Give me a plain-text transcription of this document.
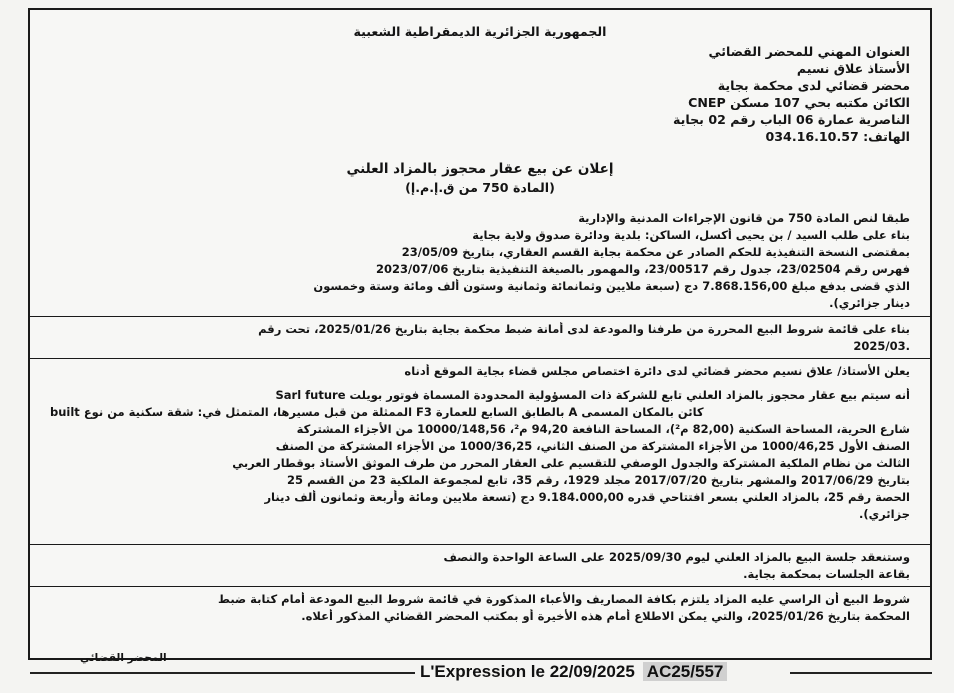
الجمهورية الجزائرية الديمقراطية الشعبية
العنوان المهني للمحضر القضائي
الأستاذ علاق نسيم
محضر قضائي لدى محكمة بجاية
الكائن مكتبه بحي 107 مسكن CNEP
الناصرية عمارة 06 الباب رقم 02 بجاية
الهاتف: 034.16.10.57
إعلان عن بيع عقار محجوز بالمزاد العلني
(المادة 750 من ق.إ.م.إ)
طبقا لنص المادة 750 من قانون الإجراءات المدنية والإدارية
بناء على طلب السيد / بن يحيى أكسل، الساكن: بلدية ودائرة صدوق ولاية بجاية
بمقتضى النسخة التنفيذية للحكم الصادر عن محكمة بجاية القسم العقاري، بتاريخ 23/05/09
فهرس رقم 23/02504، جدول رقم 23/00517، والمهمور بالصيغة التنفيذية بتاريخ 2023/07/06
الذي قضى بدفع مبلغ 7.868.156,00 دج (سبعة ملايين وثمانمائة وثمانية وستون ألف ومائة وستة وخمسون
دينار جزائري).
بناء على قائمة شروط البيع المحررة من طرفنا والمودعة لدى أمانة ضبط محكمة بجاية بتاريخ 2025/01/26، تحت رقم
2025/03.
يعلن الأستاذ/ علاق نسيم محضر قضائي لدى دائرة اختصاص مجلس قضاء بجاية الموقع أدناه
أنه سيتم بيع عقار محجوز بالمزاد العلني تابع للشركة ذات المسؤولية المحدودة المسماة فوتور بويلت Sarl future
built الممثلة من قبل مسيرها، المتمثل في: شقة سكنية من نوع F3 بالطابق السابع للعمارة A كائن بالمكان المسمى
شارع الحرية، المساحة السكنية (82,00 م²)، المساحة النافعة 94,20 م²، 10000/148,56 من الأجزاء المشتركة
الصنف الأول 1000/46,25 من الأجزاء المشتركة من الصنف الثاني، 1000/36,25 من الأجزاء المشتركة من الصنف
الثالث من نظام الملكية المشتركة والجدول الوصفي للتقسيم على العقار المحرر من طرف الموثق الأستاذ بوقطار العربي
بتاريخ 2017/06/29 والمشهر بتاريخ 2017/07/20 مجلد 1929، رقم 35، تابع لمجموعة الملكية 23 من القسم 25
الحصة رقم 25، بالمزاد العلني بسعر افتتاحي قدره 9.184.000,00 دج (تسعة ملايين ومائة وأربعة وثمانون ألف دينار
جزائري).
وستنعقد جلسة البيع بالمزاد العلني ليوم 2025/09/30 على الساعة الواحدة والنصف
بقاعة الجلسات بمحكمة بجاية.
شروط البيع أن الراسي عليه المزاد يلتزم بكافة المصاريف والأعباء المذكورة في قائمة شروط البيع المودعة أمام كتابة ضبط
المحكمة بتاريخ 2025/01/26، والتي يمكن الاطلاع أمام هذه الأخيرة أو بمكتب المحضر القضائي المذكور أعلاه.
المحضر القضائي
L'Expression le 22/09/2025 AC25/557
